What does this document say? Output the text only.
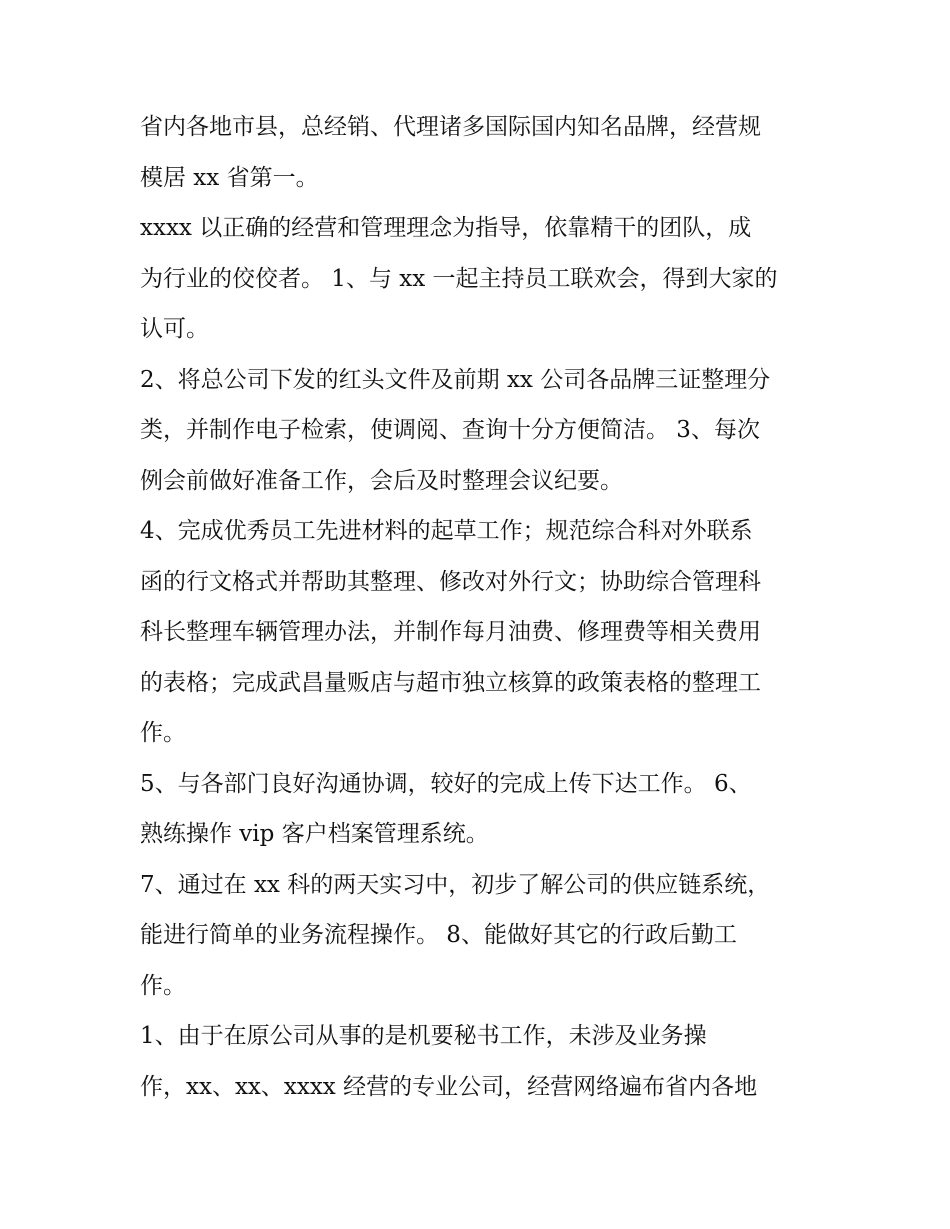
省内各地市县，总经销、代理诸多国际国内知名品牌，经营规
模居 xx 省第一。
xxxx 以正确的经营和管理理念为指导，依靠精干的团队，成
为行业的佼佼者。 1、与 xx 一起主持员工联欢会，得到大家的
认可。
2、将总公司下发的红头文件及前期 xx 公司各品牌三证整理分
类，并制作电子检索，使调阅、查询十分方便简洁。 3、每次
例会前做好准备工作，会后及时整理会议纪要。
4、完成优秀员工先进材料的起草工作；规范综合科对外联系
函的行文格式并帮助其整理、修改对外行文；协助综合管理科
科长整理车辆管理办法，并制作每月油费、修理费等相关费用
的表格；完成武昌量贩店与超市独立核算的政策表格的整理工
作。
5、与各部门良好沟通协调，较好的完成上传下达工作。 6、
熟练操作 vip 客户档案管理系统。
7、通过在 xx 科的两天实习中，初步了解公司的供应链系统，
能进行简单的业务流程操作。 8、能做好其它的行政后勤工
作。
1、由于在原公司从事的是机要秘书工作，未涉及业务操
作，xx、xx、xxxx 经营的专业公司，经营网络遍布省内各地
